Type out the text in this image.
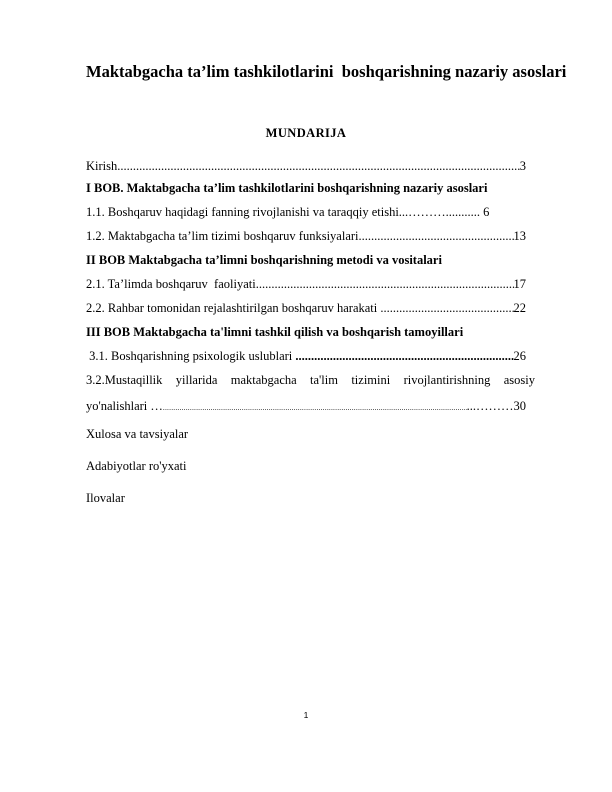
Maktabgacha ta’lim tashkilotlarini  boshqarishning nazariy asoslari
MUNDARIJA
Kirish .....	3
I BOB. Maktabgacha ta’lim tashkilotlarini boshqarishning nazariy asoslari
1.1. Boshqaruv haqidagi fanning rivojlanishi va taraqqiy etishi...………........... 6
1.2. Maktabgacha ta’lim tizimi boshqaruv funksiyalari .....	13
II BOB Maktabgacha ta’limni boshqarishning metodi va vositalari
2.1. Ta’limda boshqaruv  faoliyati .....	17
2.2. Rahbar tomonidan rejalashtirilgan boshqaruv harakati .....	22
III BOB Maktabgacha ta'limni tashkil qilish va boshqarish tamoyillari
3.1. Boshqarishning psixologik uslublari .....	26
3.2.Mustaqillik yillarida maktabgacha ta'lim tizimini rivojlantirishning asosiy
yo'nalishlari … .....	...……… 30
Xulosa va tavsiyalar
Adabiyotlar ro'yxati
Ilovalar
1
